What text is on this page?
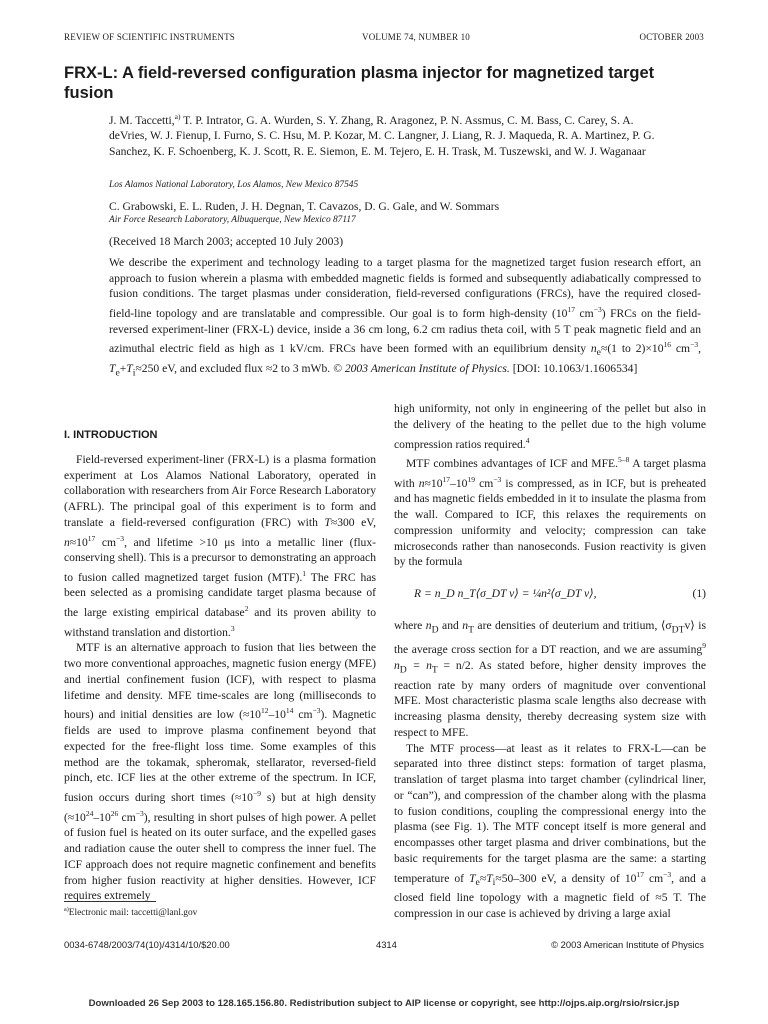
REVIEW OF SCIENTIFIC INSTRUMENTS	VOLUME 74, NUMBER 10	OCTOBER 2003
FRX-L: A field-reversed configuration plasma injector for magnetized target fusion
J. M. Taccetti,$^{a)}$ T. P. Intrator, G. A. Wurden, S. Y. Zhang, R. Aragonez, P. N. Assmus, C. M. Bass, C. Carey, S. A. deVries, W. J. Fienup, I. Furno, S. C. Hsu, M. P. Kozar, M. C. Langner, J. Liang, R. J. Maqueda, R. A. Martinez, P. G. Sanchez, K. F. Schoenberg, K. J. Scott, R. E. Siemon, E. M. Tejero, E. H. Trask, M. Tuszewski, and W. J. Waganaar
Los Alamos National Laboratory, Los Alamos, New Mexico 87545
C. Grabowski, E. L. Ruden, J. H. Degnan, T. Cavazos, D. G. Gale, and W. Sommars
Air Force Research Laboratory, Albuquerque, New Mexico 87117
(Received 18 March 2003; accepted 10 July 2003)
We describe the experiment and technology leading to a target plasma for the magnetized target fusion research effort, an approach to fusion wherein a plasma with embedded magnetic fields is formed and subsequently adiabatically compressed to fusion conditions. The target plasmas under consideration, field-reversed configurations (FRCs), have the required closed-field-line topology and are translatable and compressible. Our goal is to form high-density ($10^{17}$ $cm^{-3}$) FRCs on the field-reversed experiment-liner (FRX-L) device, inside a 36 cm long, 6.2 cm radius theta coil, with 5 T peak magnetic field and an azimuthal electric field as high as 1 kV/cm. FRCs have been formed with an equilibrium density $n_e\approx(1$ to $2)\times 10^{16}$ $cm^{-3}$, $T_e+T_i\approx 250$ eV, and excluded flux ≈2 to 3 mWb. © 2003 American Institute of Physics. [DOI: 10.1063/1.1606534]
I. INTRODUCTION

Field-reversed experiment-liner (FRX-L) is a plasma formation experiment at Los Alamos National Laboratory, operated in collaboration with researchers from Air Force Research Laboratory (AFRL). The principal goal of this experiment is to form and translate a field-reversed configuration (FRC) with T≈300 eV, $n\approx 10^{17}$ $cm^{-3}$, and lifetime >10 μs into a metallic liner (flux-conserving shell). This is a precursor to demonstrating an approach to fusion called magnetized target fusion (MTF).$^1$ The FRC has been selected as a promising candidate target plasma because of the large existing empirical database$^2$ and its proven ability to withstand translation and distortion.$^3$

MTF is an alternative approach to fusion that lies between the two more conventional approaches, magnetic fusion energy (MFE) and inertial confinement fusion (ICF), with respect to plasma lifetime and density. MFE time-scales are long (milliseconds to hours) and initial densities are low ($\approx 10^{12}-10^{14}$ $cm^{-3}$). Magnetic fields are used to improve plasma confinement beyond that expected for the free-flight loss time. Some examples of this method are the tokamak, spheromak, stellarator, reversed-field pinch, etc. ICF lies at the other extreme of the spectrum. In ICF, fusion occurs during short times ($\approx 10^{-9}$ s) but at high density ($\approx 10^{24}-10^{26}$ $cm^{-3}$), resulting in short pulses of high power. A pellet of fusion fuel is heated on its outer surface, and the expelled gases and radiation cause the outer shell to compress the inner fuel. The ICF approach does not require magnetic confinement and benefits from higher fusion reactivity at higher densities. However, ICF requires extremely

high uniformity, not only in engineering of the pellet but also in the delivery of the heating to the pellet due to the high volume compression ratios required.$^4$

MTF combines advantages of ICF and MFE.$^{5-8}$ A target plasma with $n\approx 10^{17}-10^{19}$ $cm^{-3}$ is compressed, as in ICF, but is preheated and has magnetic fields embedded in it to insulate the plasma from the wall. Compared to ICF, this relaxes the requirements on compression uniformity and velocity; compression can take microseconds rather than nanoseconds. Fusion reactivity is given by the formula

R = n_D n_T⟨σ_DT v⟩ = ¼n²⟨σ_DT v⟩,	(1)

where $n_D$ and $n_T$ are densities of deuterium and tritium, $⟨\sigma_{DT}v⟩$ is the average cross section for a DT reaction, and we are assuming$^9$ $n_D = n_T = n/2$. As stated before, higher density improves the reaction rate by many orders of magnitude over conventional MFE. Most characteristic plasma scale lengths also decrease with increasing plasma density, thereby decreasing system size with respect to MFE.

The MTF process—at least as it relates to FRX-L—can be separated into three distinct steps: formation of target plasma, translation of target plasma into target chamber (cylindrical liner, or “can”), and compression of the chamber along with the plasma to fusion conditions, coupling the compressional energy into the plasma (see Fig. 1). The MTF concept itself is more general and encompasses other target plasma and driver combinations, but the basic requirements for the target plasma are the same: a starting temperature of $T_e\approx T_i\approx 50-300$ eV, a density of $10^{17}$ $cm^{-3}$, and a closed field line topology with a magnetic field of ≈5 T. The compression in our case is achieved by driving a large axial

$^{a)}$Electronic mail: taccetti@lanl.gov
0034-6748/2003/74(10)/4314/10/$20.00	4314	© 2003 American Institute of Physics
Downloaded 26 Sep 2003 to 128.165.156.80. Redistribution subject to AIP license or copyright, see http://ojps.aip.org/rsio/rsicr.jsp
